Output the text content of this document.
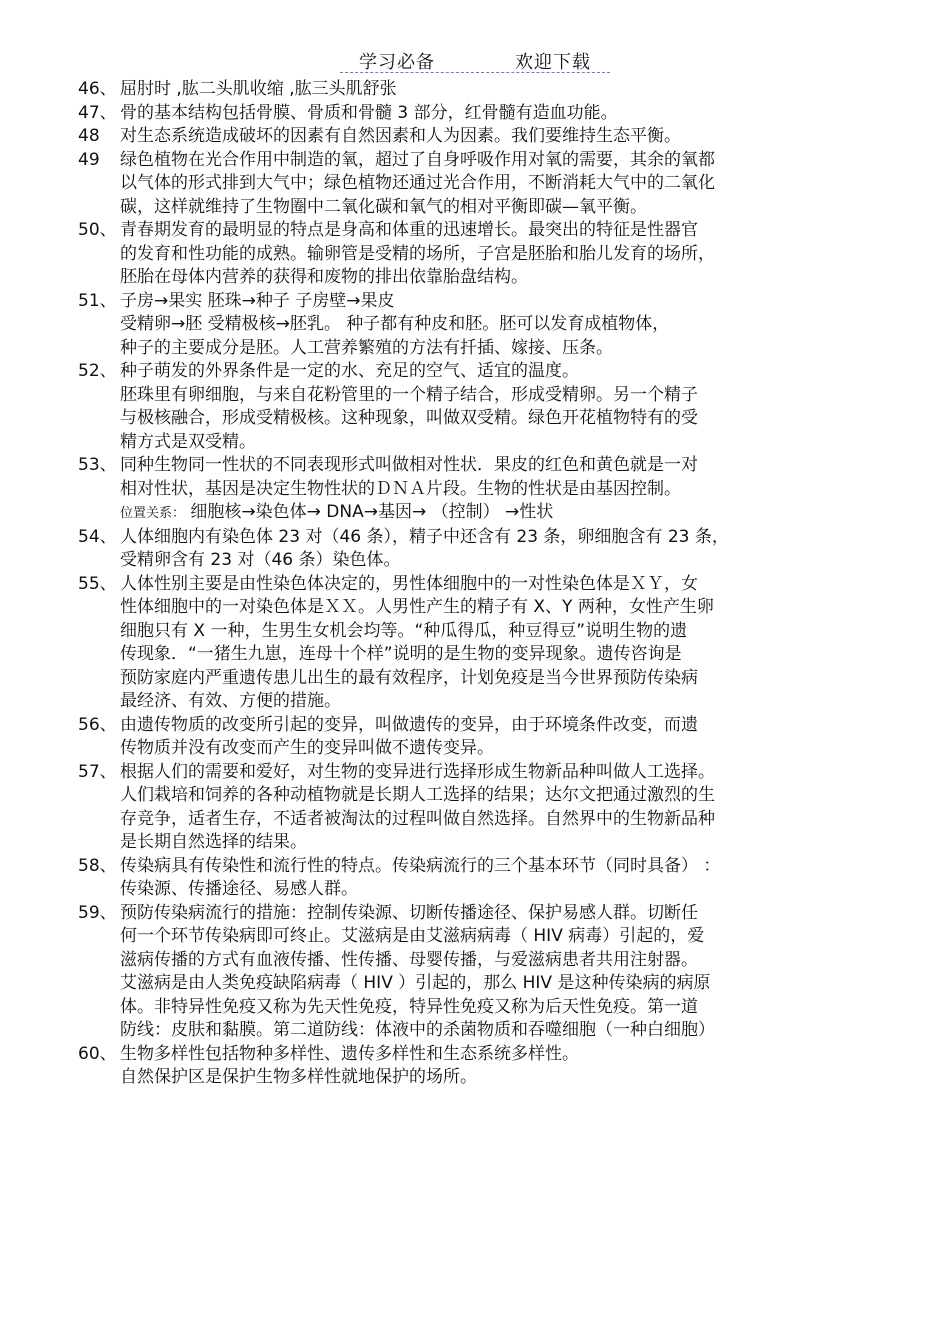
学习必备	欢迎下载
46、 屈肘时 ,肱二头肌收缩 ,肱三头肌舒张
47、 骨的基本结构包括骨膜、骨质和骨髓 3 部分，红骨髓有造血功能。
48 对生态系统造成破坏的因素有自然因素和人为因素。我们要维持生态平衡。
49 绿色植物在光合作用中制造的氧，超过了自身呼吸作用对氧的需要，其余的氧都
以气体的形式排到大气中；绿色植物还通过光合作用，不断消耗大气中的二氧化
碳，这样就维持了生物圈中二氧化碳和氧气的相对平衡即碳—氧平衡。
50、 青春期发育的最明显的特点是身高和体重的迅速增长。最突出的特征是性器官
的发育和性功能的成熟。输卵管是受精的场所，子宫是胚胎和胎儿发育的场所，
胚胎在母体内营养的获得和废物的排出依靠胎盘结构。
51、 子房→果实 胚珠→种子 子房壁→果皮
受精卵→胚 受精极核→胚乳。 种子都有种皮和胚。胚可以发育成植物体，
种子的主要成分是胚。人工营养繁殖的方法有扦插、嫁接、压条。
52、 种子萌发的外界条件是一定的水、充足的空气、适宜的温度。
胚珠里有卵细胞，与来自花粉管里的一个精子结合，形成受精卵。另一个精子
与极核融合，形成受精极核。这种现象，叫做双受精。绿色开花植物特有的受
精方式是双受精。
53、 同种生物同一性状的不同表现形式叫做相对性状．果皮的红色和黄色就是一对
相对性状，基因是决定生物性状的ＤＮＡ片段。生物的性状是由基因控制。
位置关系： 细胞核→染色体→ DNA→基因→ （控制） →性状
54、 人体细胞内有染色体 23 对（46 条），精子中还含有 23 条，卵细胞含有 23 条，
受精卵含有 23 对（46 条）染色体。
55、 人体性别主要是由性染色体决定的，男性体细胞中的一对性染色体是ＸＹ，女
性体细胞中的一对染色体是ＸＸ。人男性产生的精子有 X、Y 两种，女性产生卵
细胞只有 X 一种，生男生女机会均等。“种瓜得瓜，种豆得豆”说明生物的遗
传现象．“一猪生九崽，连母十个样”说明的是生物的变异现象。遗传咨询是
预防家庭内严重遗传患儿出生的最有效程序，计划免疫是当今世界预防传染病
最经济、有效、方便的措施。
56、 由遗传物质的改变所引起的变异，叫做遗传的变异，由于环境条件改变，而遗
传物质并没有改变而产生的变异叫做不遗传变异。
57、 根据人们的需要和爱好，对生物的变异进行选择形成生物新品种叫做人工选择。
人们栽培和饲养的各种动植物就是长期人工选择的结果；达尔文把通过激烈的生
存竞争，适者生存，不适者被淘汰的过程叫做自然选择。自然界中的生物新品种
是长期自然选择的结果。
58、 传染病具有传染性和流行性的特点。传染病流行的三个基本环节（同时具备） ：
传染源、传播途径、易感人群。
59、 预防传染病流行的措施：控制传染源、切断传播途径、保护易感人群。切断任
何一个环节传染病即可终止。艾滋病是由艾滋病病毒（ HIV 病毒）引起的，爱
滋病传播的方式有血液传播、性传播、母婴传播，与爱滋病患者共用注射器。
艾滋病是由人类免疫缺陷病毒（ HIV ）引起的，那么 HIV 是这种传染病的病原
体。非特异性免疫又称为先天性免疫，特异性免疫又称为后天性免疫。第一道
防线：皮肤和黏膜。第二道防线：体液中的杀菌物质和吞噬细胞（一种白细胞）
60、 生物多样性包括物种多样性、遗传多样性和生态系统多样性。
自然保护区是保护生物多样性就地保护的场所。
